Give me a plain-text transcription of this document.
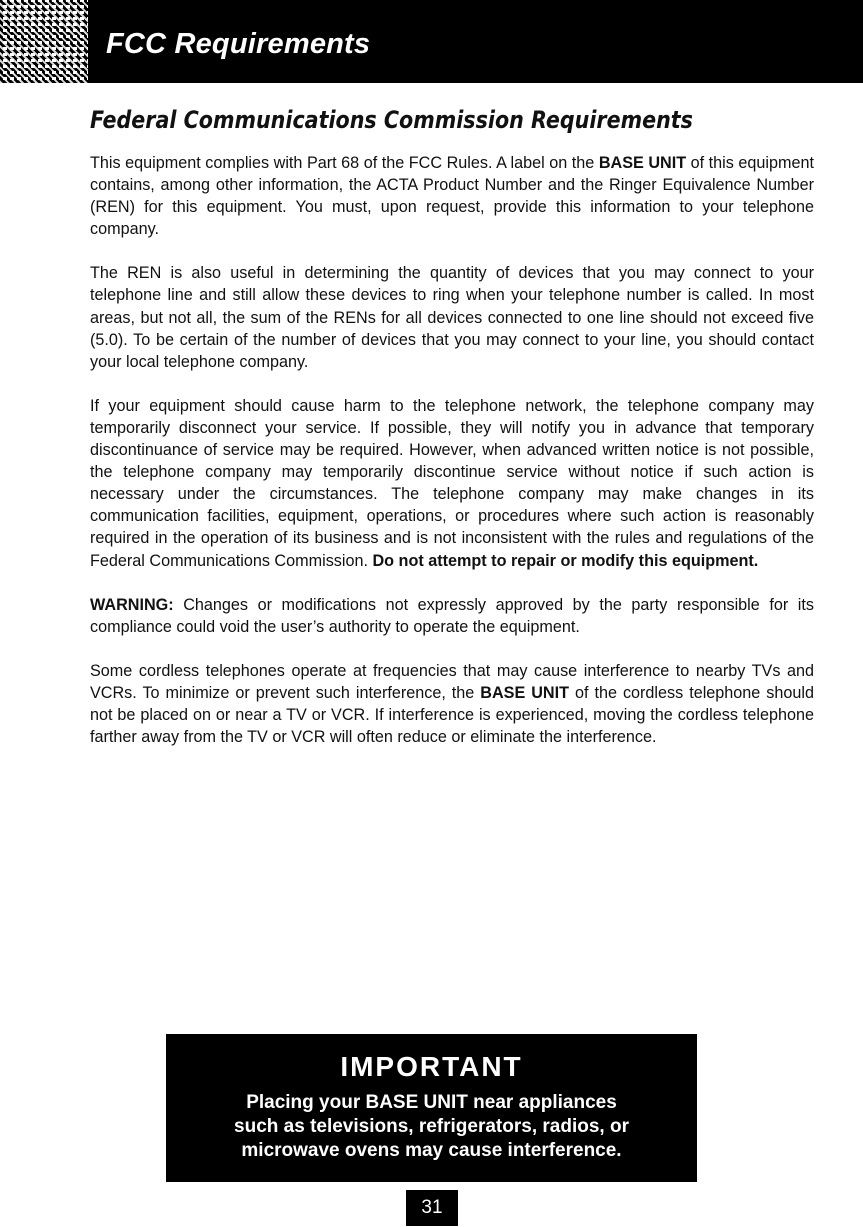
FCC Requirements
Federal Communications Commission Requirements

This equipment complies with Part 68 of the FCC Rules. A label on the BASE UNIT of this equipment contains, among other information, the ACTA Product Number and the Ringer Equivalence Number (REN) for this equipment. You must, upon request, provide this information to your telephone company.

The REN is also useful in determining the quantity of devices that you may connect to your telephone line and still allow these devices to ring when your telephone number is called. In most areas, but not all, the sum of the RENs for all devices connected to one line should not exceed five (5.0). To be certain of the number of devices that you may connect to your line, you should contact your local telephone company.

If your equipment should cause harm to the telephone network, the telephone company may temporarily disconnect your service. If possible, they will notify you in advance that temporary discontinuance of service may be required. However, when advanced written notice is not possible, the telephone company may temporarily discontinue service without notice if such action is necessary under the circumstances. The telephone company may make changes in its communication facilities, equipment, operations, or procedures where such action is reasonably required in the operation of its business and is not inconsistent with the rules and regulations of the Federal Communications Commission. Do not attempt to repair or modify this equipment.

WARNING: Changes or modifications not expressly approved by the party responsible for its compliance could void the user’s authority to operate the equipment.

Some cordless telephones operate at frequencies that may cause interference to nearby TVs and VCRs. To minimize or prevent such interference, the BASE UNIT of the cordless telephone should not be placed on or near a TV or VCR. If interference is experienced, moving the cordless telephone farther away from the TV or VCR will often reduce or eliminate the interference.

IMPORTANT
Placing your BASE UNIT near appliances
such as televisions, refrigerators, radios, or
microwave ovens may cause interference.
31
